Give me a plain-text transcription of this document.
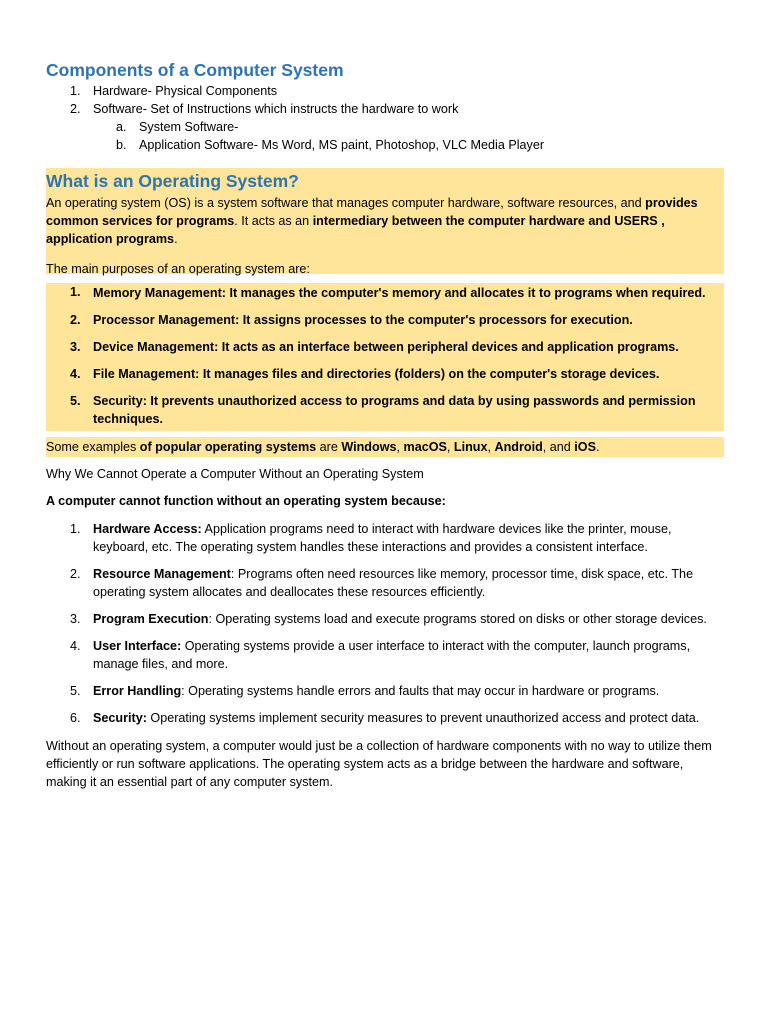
Components of a Computer System
1. Hardware- Physical Components
2. Software- Set of Instructions which instructs the hardware to work
a. System Software-
b. Application Software- Ms Word, MS paint, Photoshop, VLC Media Player
What is an Operating System?

An operating system (OS) is a system software that manages computer hardware, software resources, and provides common services for programs. It acts as an intermediary between the computer hardware and USERS , application programs.

The main purposes of an operating system are:

1. Memory Management: It manages the computer's memory and allocates it to programs when required.
2. Processor Management: It assigns processes to the computer's processors for execution.
3. Device Management: It acts as an interface between peripheral devices and application programs.
4. File Management: It manages files and directories (folders) on the computer's storage devices.
5. Security: It prevents unauthorized access to programs and data by using passwords and permission techniques.
Some examples of popular operating systems are Windows, macOS, Linux, Android, and iOS.
Why We Cannot Operate a Computer Without an Operating System
A computer cannot function without an operating system because:
1. Hardware Access: Application programs need to interact with hardware devices like the printer, mouse, keyboard, etc. The operating system handles these interactions and provides a consistent interface.
2. Resource Management: Programs often need resources like memory, processor time, disk space, etc. The operating system allocates and deallocates these resources efficiently.
3. Program Execution: Operating systems load and execute programs stored on disks or other storage devices.
4. User Interface: Operating systems provide a user interface to interact with the computer, launch programs, manage files, and more.
5. Error Handling: Operating systems handle errors and faults that may occur in hardware or programs.
6. Security: Operating systems implement security measures to prevent unauthorized access and protect data.

Without an operating system, a computer would just be a collection of hardware components with no way to utilize them efficiently or run software applications. The operating system acts as a bridge between the hardware and software, making it an essential part of any computer system.
